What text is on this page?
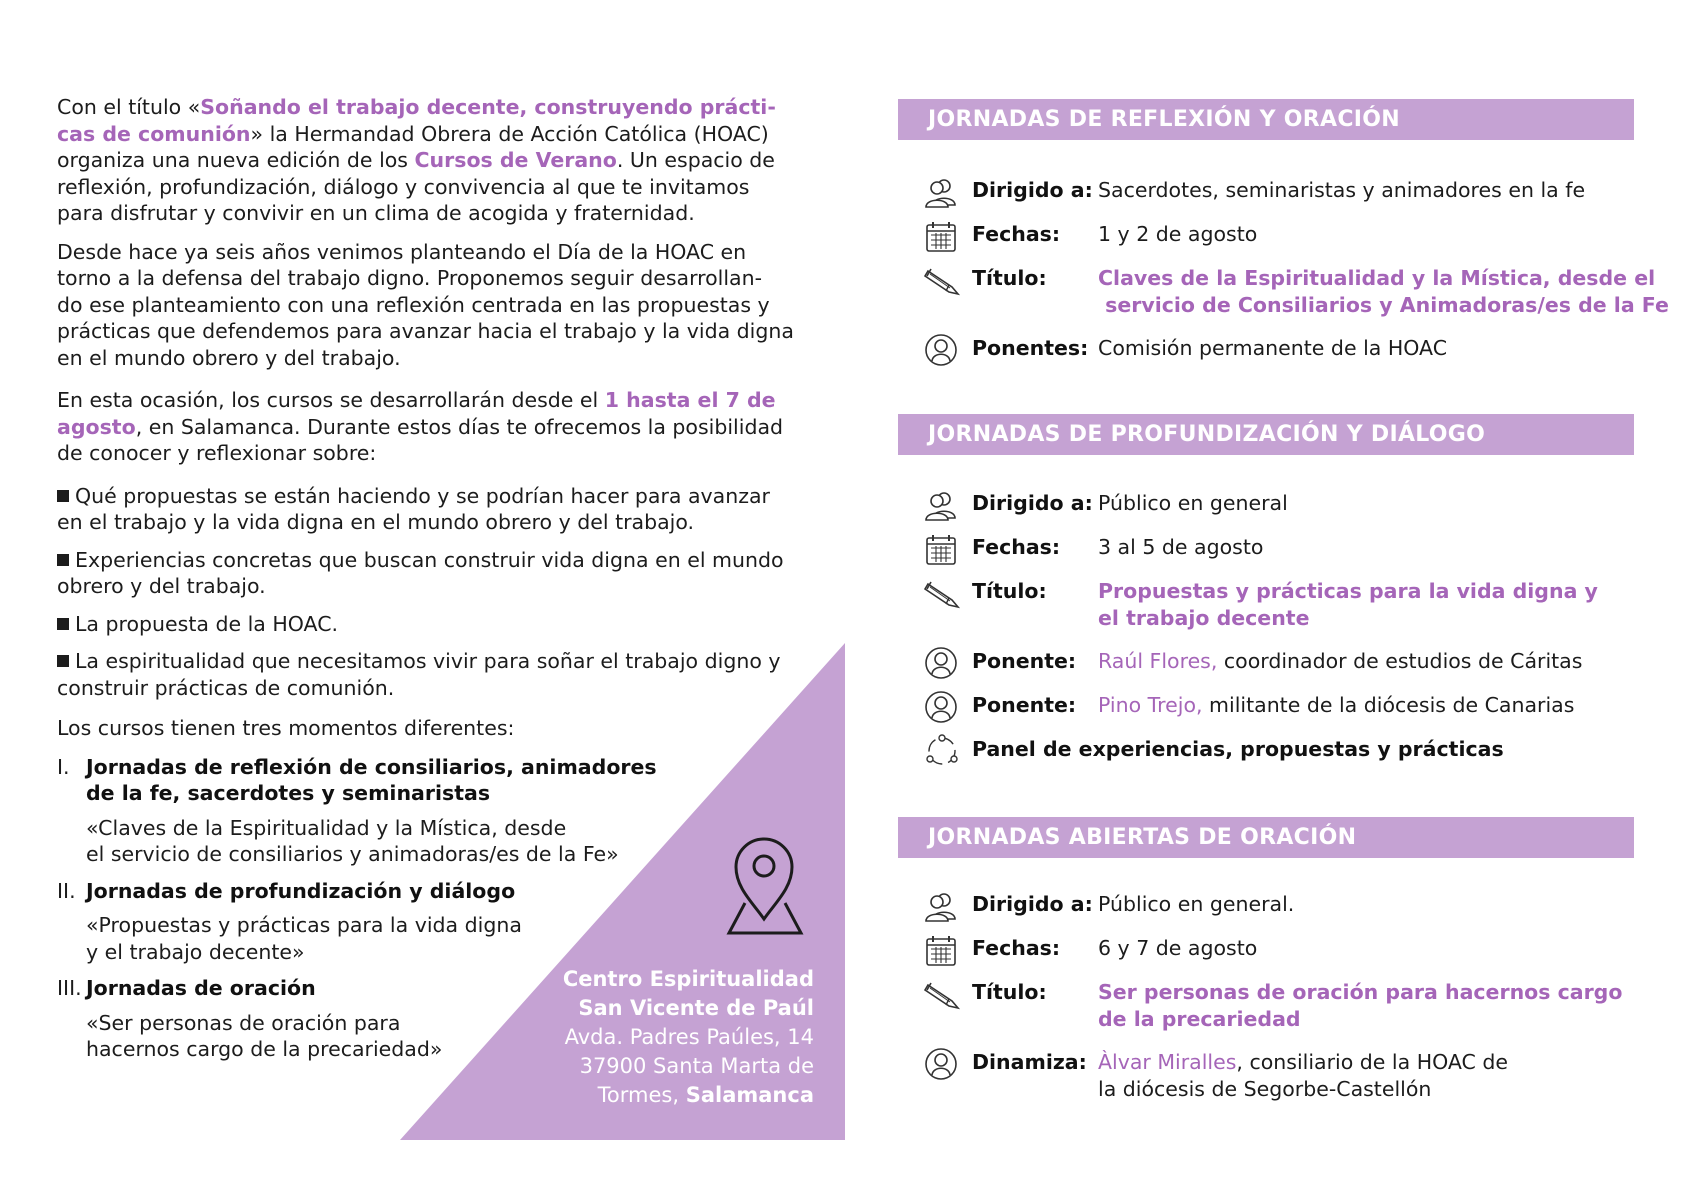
Con el título «Soñando el trabajo decente, construyendo prácti-
cas de comunión» la Hermandad Obrera de Acción Católica (HOAC)
organiza una nueva edición de los Cursos de Verano. Un espacio de
reflexión, profundización, diálogo y convivencia al que te invitamos
para disfrutar y convivir en un clima de acogida y fraternidad.

Desde hace ya seis años venimos planteando el Día de la HOAC en
torno a la defensa del trabajo digno. Proponemos seguir desarrollan-
do ese planteamiento con una reflexión centrada en las propuestas y
prácticas que defendemos para avanzar hacia el trabajo y la vida digna
en el mundo obrero y del trabajo.

En esta ocasión, los cursos se desarrollarán desde el 1 hasta el 7 de
agosto, en Salamanca. Durante estos días te ofrecemos la posibilidad
de conocer y reflexionar sobre:

Qué propuestas se están haciendo y se podrían hacer para avanzar
en el trabajo y la vida digna en el mundo obrero y del trabajo.
Experiencias concretas que buscan construir vida digna en el mundo
obrero y del trabajo.
La propuesta de la HOAC.
La espiritualidad que necesitamos vivir para soñar el trabajo digno y
construir prácticas de comunión.

Los cursos tienen tres momentos diferentes:

I. Jornadas de reflexión de consiliarios, animadores
de la fe, sacerdotes y seminaristas
«Claves de la Espiritualidad y la Mística, desde
el servicio de consiliarios y animadoras/es de la Fe»
II. Jornadas de profundización y diálogo
«Propuestas y prácticas para la vida digna
y el trabajo decente»
III. Jornadas de oración
«Ser personas de oración para
hacernos cargo de la precariedad»
Centro Espiritualidad
San Vicente de Paúl
Avda. Padres Paúles, 14
37900 Santa Marta de
Tormes, Salamanca
JORNADAS DE REFLEXIÓN Y ORACIÓN
Dirigido a: Sacerdotes, seminaristas y animadores en la fe
Fechas:	1 y 2 de agosto
Título:	Claves de la Espiritualidad y la Mística, desde el
servicio de Consiliarios y Animadoras/es de la Fe
Ponentes: Comisión permanente de la HOAC
JORNADAS DE PROFUNDIZACIÓN Y DIÁLOGO
Dirigido a: Público en general
Fechas:	3 al 5 de agosto
Título:	Propuestas y prácticas para la vida digna y
el trabajo decente
Ponente:	Raúl Flores, coordinador de estudios de Cáritas
Ponente:	Pino Trejo, militante de la diócesis de Canarias
Panel de experiencias, propuestas y prácticas
JORNADAS ABIERTAS DE ORACIÓN
Dirigido a: Público en general.
Fechas:	6 y 7 de agosto
Título:	Ser personas de oración para hacernos cargo
de la precariedad
Dinamiza: Àlvar Miralles, consiliario de la HOAC de
la diócesis de Segorbe-Castellón
